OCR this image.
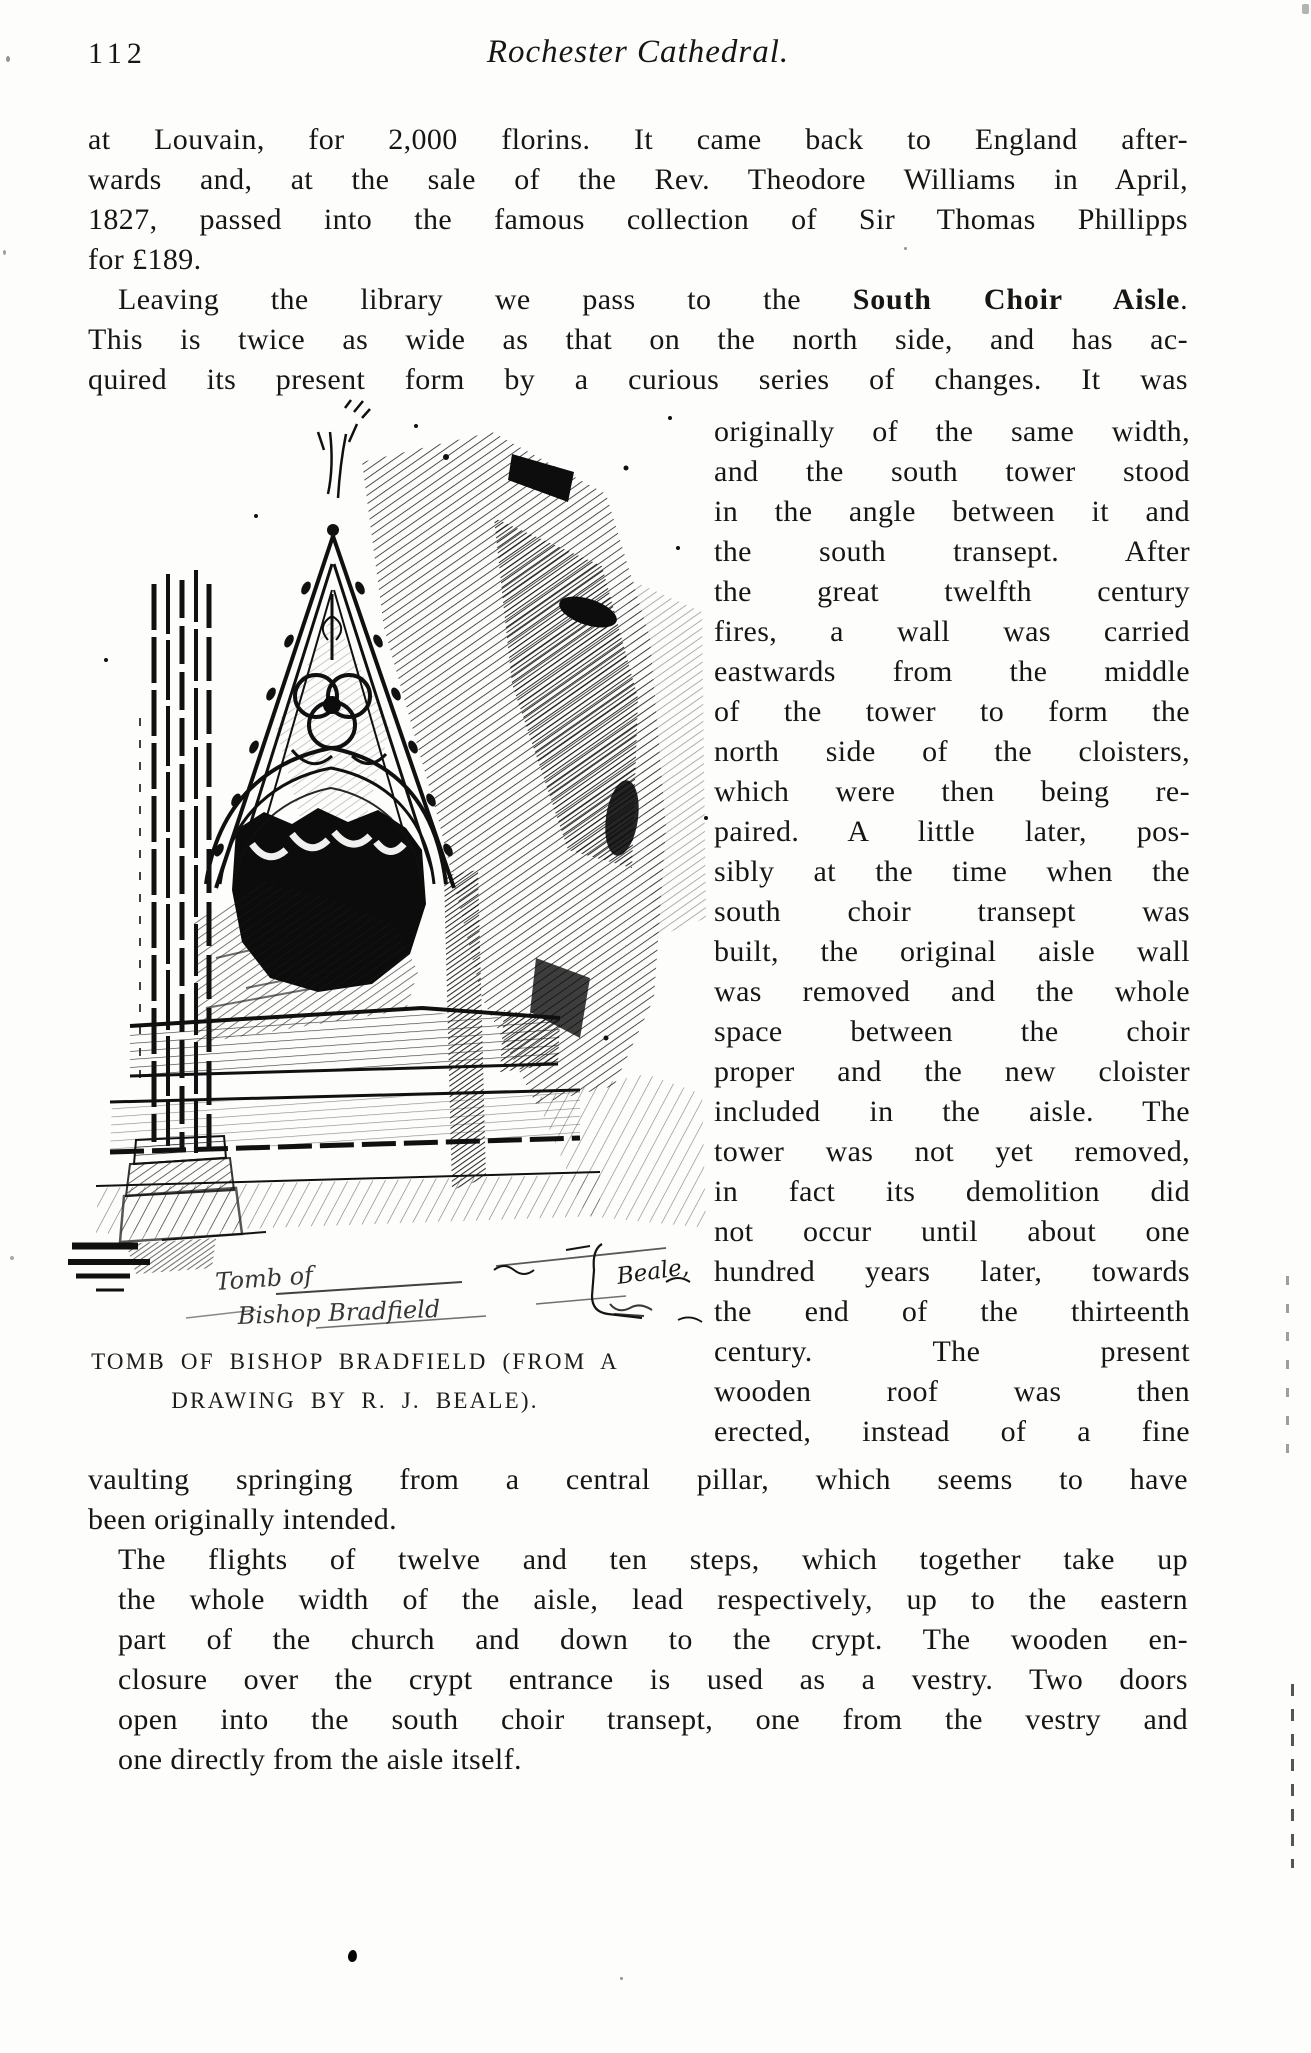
112	Rochester Cathedral.
at Louvain, for 2,000 florins. It came back to England after-
wards and, at the sale of the Rev. Theodore Williams in April,
1827, passed into the famous collection of Sir Thomas Phillipps
for £189.
Leaving the library we pass to the South Choir Aisle.
This is twice as wide as that on the north side, and has ac-
quired its present form by a curious series of changes. It was
originally of the same width,
and the south tower stood
in the angle between it and
the south transept. After
the great twelfth century
fires, a wall was carried
eastwards from the middle
of the tower to form the
north side of the cloisters,
which were then being re-
paired. A little later, pos-
sibly at the time when the
south choir transept was
built, the original aisle wall
was removed and the whole
space between the choir
proper and the new cloister
included in the aisle. The
tower was not yet removed,
in fact its demolition did
not occur until about one
hundred years later, towards
the end of the thirteenth
century. The present
wooden roof was then
erected, instead of a fine
Tomb of
Bishop Bradfield
Beale,
TOMB OF BISHOP BRADFIELD (FROM A
DRAWING BY R. J. BEALE).
vaulting springing from a central pillar, which seems to have
been originally intended.
The flights of twelve and ten steps, which together take up
the whole width of the aisle, lead respectively, up to the eastern
part of the church and down to the crypt. The wooden en-
closure over the crypt entrance is used as a vestry. Two doors
open into the south choir transept, one from the vestry and
one directly from the aisle itself.
